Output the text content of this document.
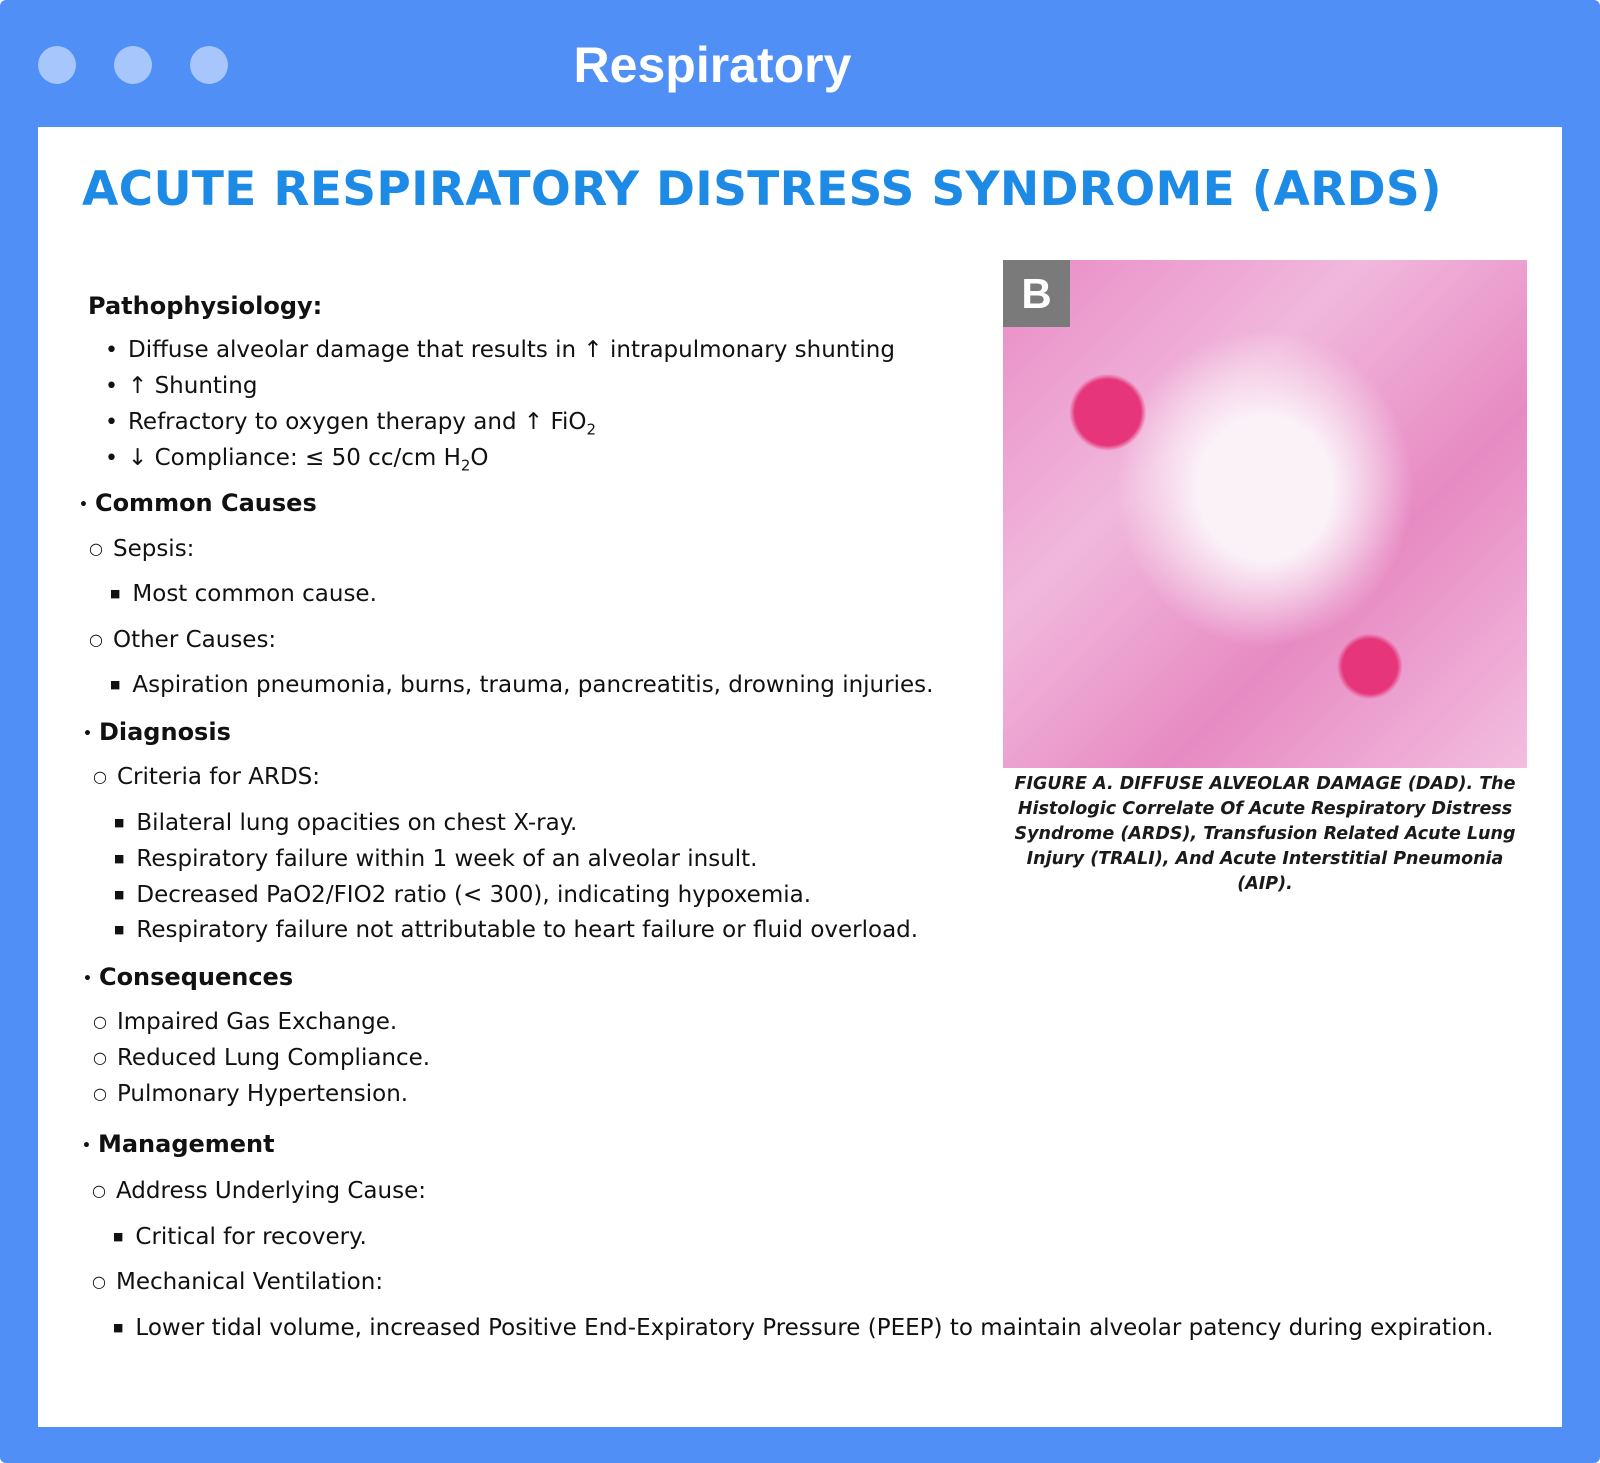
Respiratory
ACUTE RESPIRATORY DISTRESS SYNDROME (ARDS)
Pathophysiology:
• Diffuse alveolar damage that results in ↑ intrapulmonary shunting
• ↑ Shunting
• Refractory to oxygen therapy and ↑ FiO$_2$
• ↓ Compliance: ≤ 50 cc/cm $H_2O$
• Common Causes
○ Sepsis:
■ Most common cause.
○ Other Causes:
■ Aspiration pneumonia, burns, trauma, pancreatitis, drowning injuries.
• Diagnosis
○ Criteria for ARDS:
■ Bilateral lung opacities on chest X-ray.
■ Respiratory failure within 1 week of an alveolar insult.
■ Decreased PaO2/FIO2 ratio (< 300), indicating hypoxemia.
■ Respiratory failure not attributable to heart failure or fluid overload.
• Consequences
○ Impaired Gas Exchange.
○ Reduced Lung Compliance.
○ Pulmonary Hypertension.
• Management
○ Address Underlying Cause:
■ Critical for recovery.
○ Mechanical Ventilation:
■ Lower tidal volume, increased Positive End-Expiratory Pressure (PEEP) to maintain alveolar patency during expiration.
B
FIGURE A. DIFFUSE ALVEOLAR DAMAGE (DAD). The Histologic Correlate Of Acute Respiratory Distress Syndrome (ARDS), Transfusion Related Acute Lung Injury (TRALI), And Acute Interstitial Pneumonia (AIP).
